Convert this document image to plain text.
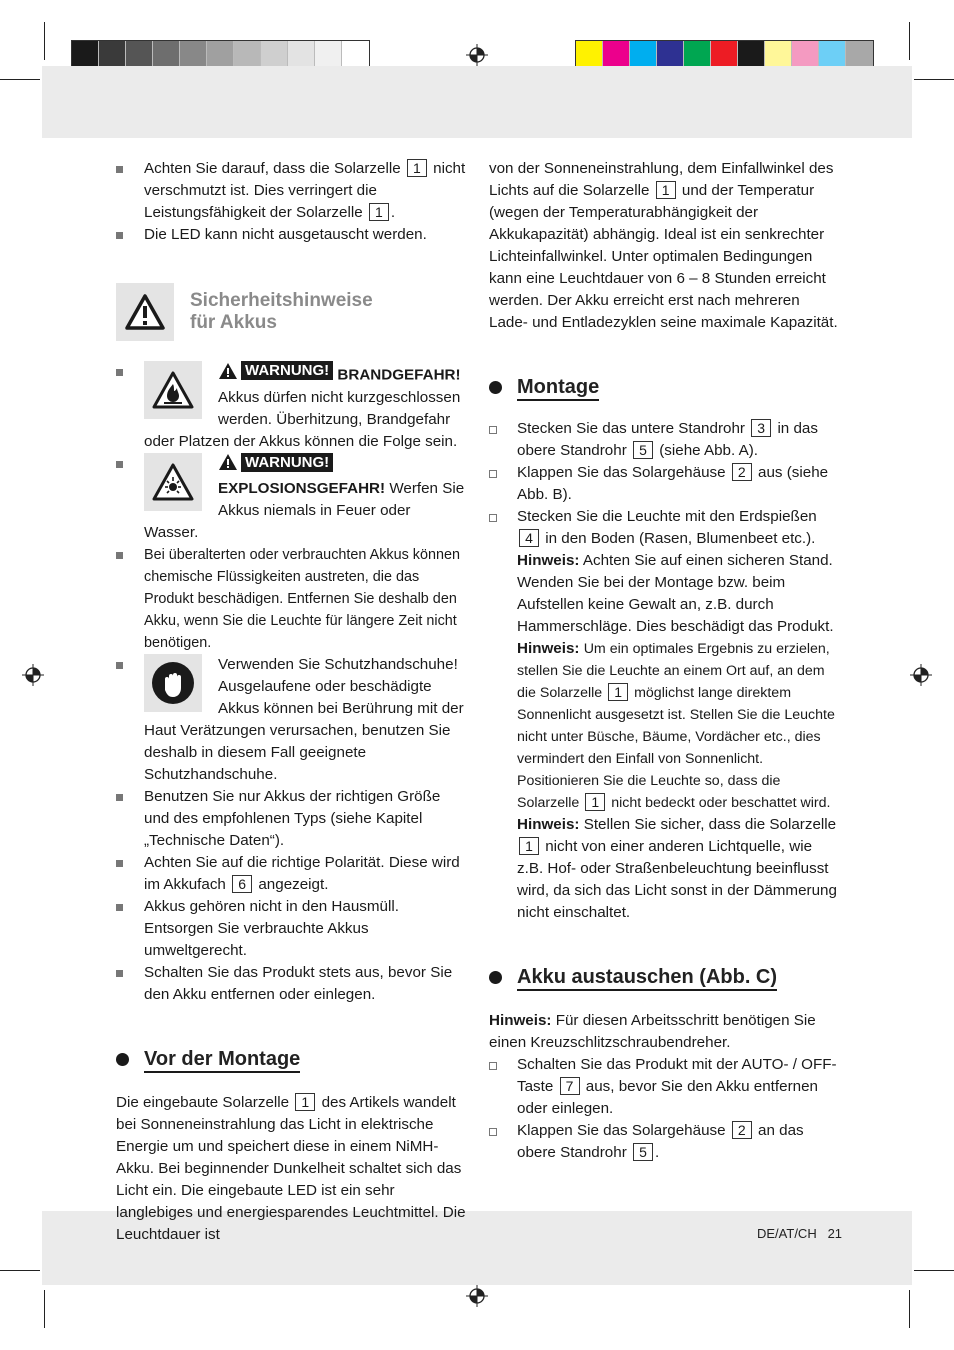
Achten Sie darauf, dass die Solarzelle 1 nicht verschmutzt ist. Dies verringert die Leistungsfähigkeit der Solarzelle 1 .

Die LED kann nicht ausgetauscht werden.

Sicherheitshinweise
für Akkus
WARNUNG! BRANDGEFAHR! Akkus dürfen nicht kurzgeschlossen werden. Überhitzung, Brandgefahr oder Platzen der Akkus können die Folge sein.
WARNUNG!
EXPLOSIONSGEFAHR! Werfen Sie Akkus niemals in Feuer oder Wasser.

Bei überalterten oder verbrauchten Akkus können chemische Flüssigkeiten austreten, die das Produkt beschädigen. Entfernen Sie deshalb den Akku, wenn Sie die Leuchte für längere Zeit nicht benötigen.

Verwenden Sie Schutzhandschuhe! Ausgelaufene oder beschädigte Akkus können bei Berührung mit der Haut Verätzungen verursachen, benutzen Sie deshalb in diesem Fall geeignete Schutzhandschuhe.

Benutzen Sie nur Akkus der richtigen Größe und des empfohlenen Typs (siehe Kapitel „Technische Daten“).

Achten Sie auf die richtige Polarität. Diese wird im Akkufach 6 angezeigt.

Akkus gehören nicht in den Hausmüll. Entsorgen Sie verbrauchte Akkus umweltgerecht.

Schalten Sie das Produkt stets aus, bevor Sie den Akku entfernen oder einlegen.

Vor der Montage

Die eingebaute Solarzelle 1 des Artikels wandelt bei Sonneneinstrahlung das Licht in elektrische Energie um und speichert diese in einem NiMH-Akku. Bei beginnender Dunkelheit schaltet sich das Licht ein. Die eingebaute LED ist ein sehr langlebiges und energiesparendes Leuchtmittel. Die Leuchtdauer ist

von der Sonneneinstrahlung, dem Einfallwinkel des Lichts auf die Solarzelle 1 und der Temperatur (wegen der Temperaturabhängigkeit der Akkukapazität) abhängig. Ideal ist ein senkrechter Lichteinfallwinkel. Unter optimalen Bedingungen kann eine Leuchtdauer von 6 – 8 Stunden erreicht werden. Der Akku erreicht erst nach mehreren Lade- und Entladezyklen seine maximale Kapazität.

Montage

Stecken Sie das untere Standrohr 3 in das obere Standrohr 5 (siehe Abb. A).

Klappen Sie das Solargehäuse 2 aus (siehe Abb. B).

Stecken Sie die Leuchte mit den Erdspießen 4 in den Boden (Rasen, Blumenbeet etc.).

Hinweis: Achten Sie auf einen sicheren Stand. Wenden Sie bei der Montage bzw. beim Aufstellen keine Gewalt an, z.B. durch Hammerschläge. Dies beschädigt das Produkt.

Hinweis: Um ein optimales Ergebnis zu erzielen, stellen Sie die Leuchte an einem Ort auf, an dem die Solarzelle 1 möglichst lange direktem Sonnenlicht ausgesetzt ist. Stellen Sie die Leuchte nicht unter Büsche, Bäume, Vordächer etc., dies vermindert den Einfall von Sonnenlicht. Positionieren Sie die Leuchte so, dass die Solarzelle 1 nicht bedeckt oder beschattet wird.

Hinweis: Stellen Sie sicher, dass die Solarzelle 1 nicht von einer anderen Lichtquelle, wie z.B. Hof- oder Straßenbeleuchtung beeinflusst wird, da sich das Licht sonst in der Dämmerung nicht einschaltet.

Akku austauschen (Abb. C)

Hinweis: Für diesen Arbeitsschritt benötigen Sie einen Kreuzschlitzschraubendreher.

Schalten Sie das Produkt mit der AUTO- / OFF-Taste 7 aus, bevor Sie den Akku entfernen oder einlegen.

Klappen Sie das Solargehäuse 2 an das obere Standrohr 5 .

DE/AT/CH 21
